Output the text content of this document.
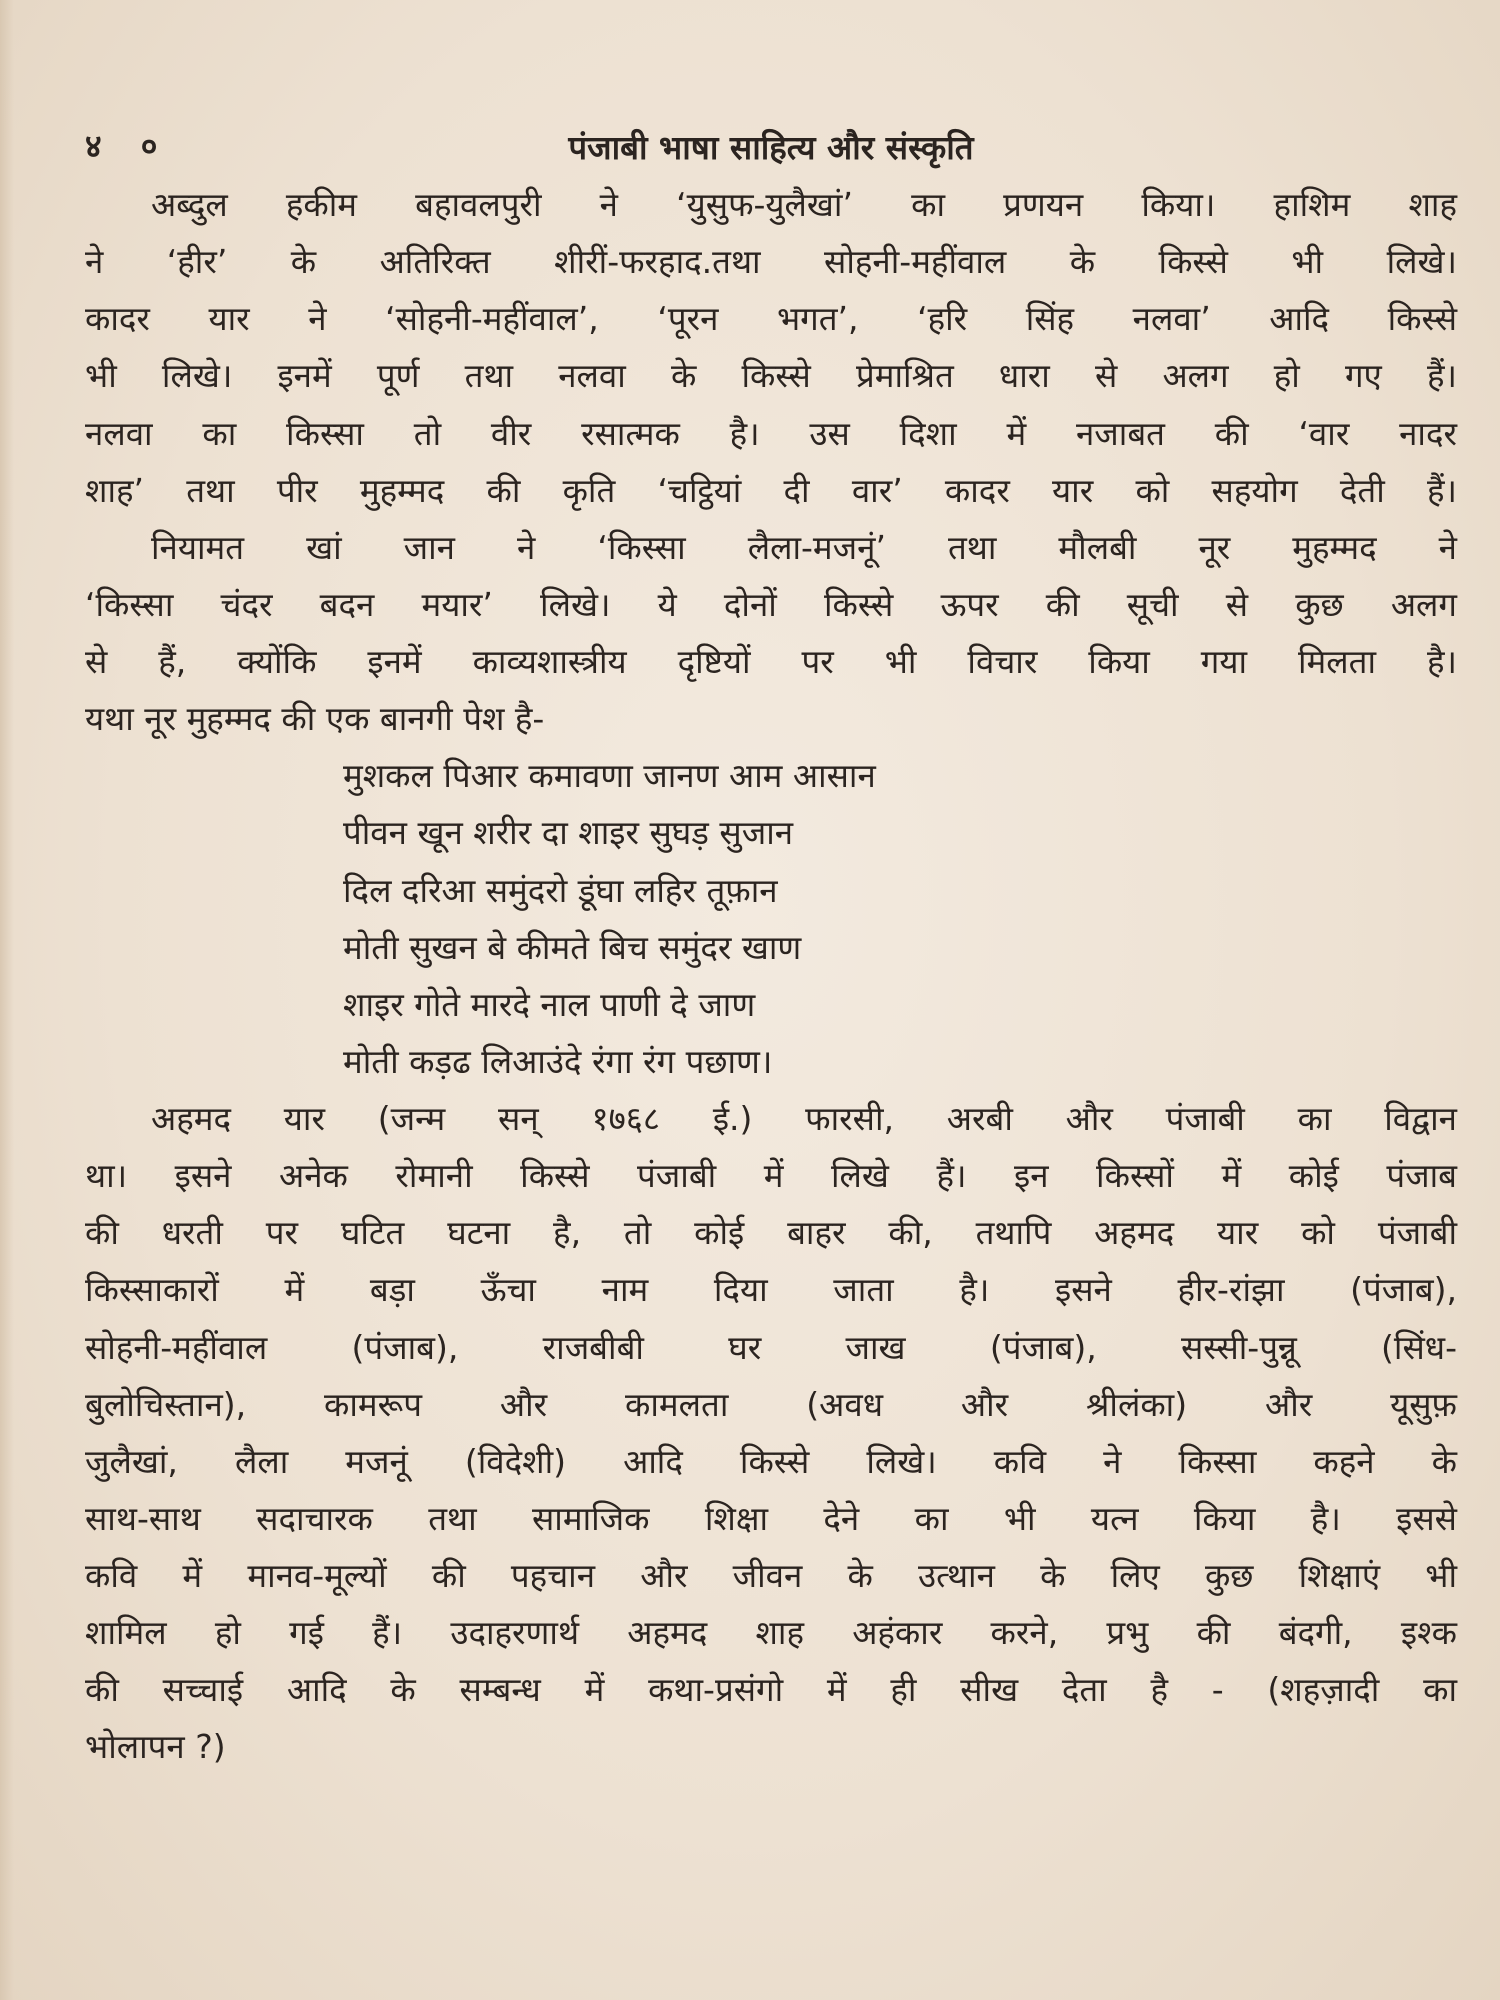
४ ०	पंजाबी भाषा साहित्य और संस्कृति
अब्दुल हकीम बहावलपुरी ने ‘युसुफ-युलैखां’ का प्रणयन किया। हाशिम शाह
ने ‘हीर’ के अतिरिक्त शीरीं-फरहाद.तथा सोहनी-महींवाल के किस्से भी लिखे।
कादर यार ने ‘सोहनी-महींवाल’, ‘पूरन भगत’, ‘हरि सिंह नलवा’ आदि किस्से
भी लिखे। इनमें पूर्ण तथा नलवा के किस्से प्रेमाश्रित धारा से अलग हो गए हैं।
नलवा का किस्सा तो वीर रसात्मक है। उस दिशा में नजाबत की ‘वार नादर
शाह’ तथा पीर मुहम्मद की कृति ‘चट्ठियां दी वार’ कादर यार को सहयोग देती हैं।
नियामत खां जान ने ‘किस्सा लैला-मजनूं’ तथा मौलबी नूर मुहम्मद ने
‘किस्सा चंदर बदन मयार’ लिखे। ये दोनों किस्से ऊपर की सूची से कुछ अलग
से हैं, क्योंकि इनमें काव्यशास्त्रीय दृष्टियों पर भी विचार किया गया मिलता है।
यथा नूर मुहम्मद की एक बानगी पेश है-
मुशकल पिआर कमावणा जानण आम आसान
पीवन खून शरीर दा शाइर सुघड़ सुजान
दिल दरिआ समुंदरो डूंघा लहिर तूफ़ान
मोती सुखन बे कीमते बिच समुंदर खाण
शाइर गोते मारदे नाल पाणी दे जाण
मोती कड़ढ लिआउंदे रंगा रंग पछाण।
अहमद यार (जन्म सन् १७६८ ई.) फारसी, अरबी और पंजाबी का विद्वान
था। इसने अनेक रोमानी किस्से पंजाबी में लिखे हैं। इन किस्सों में कोई पंजाब
की धरती पर घटित घटना है, तो कोई बाहर की, तथापि अहमद यार को पंजाबी
किस्साकारों में बड़ा ऊँचा नाम दिया जाता है। इसने हीर-रांझा (पंजाब),
सोहनी-महींवाल (पंजाब), राजबीबी घर जाख (पंजाब), सस्सी-पुन्नू (सिंध-
बुलोचिस्तान), कामरूप और कामलता (अवध और श्रीलंका) और यूसुफ़
जुलैखां, लैला मजनूं (विदेशी) आदि किस्से लिखे। कवि ने किस्सा कहने के
साथ-साथ सदाचारक तथा सामाजिक शिक्षा देने का भी यत्न किया है। इससे
कवि में मानव-मूल्यों की पहचान और जीवन के उत्थान के लिए कुछ शिक्षाएं भी
शामिल हो गई हैं। उदाहरणार्थ अहमद शाह अहंकार करने, प्रभु की बंदगी, इश्क
की सच्चाई आदि के सम्बन्ध में कथा-प्रसंगो में ही सीख देता है - (शहज़ादी का
भोलापन ?)
